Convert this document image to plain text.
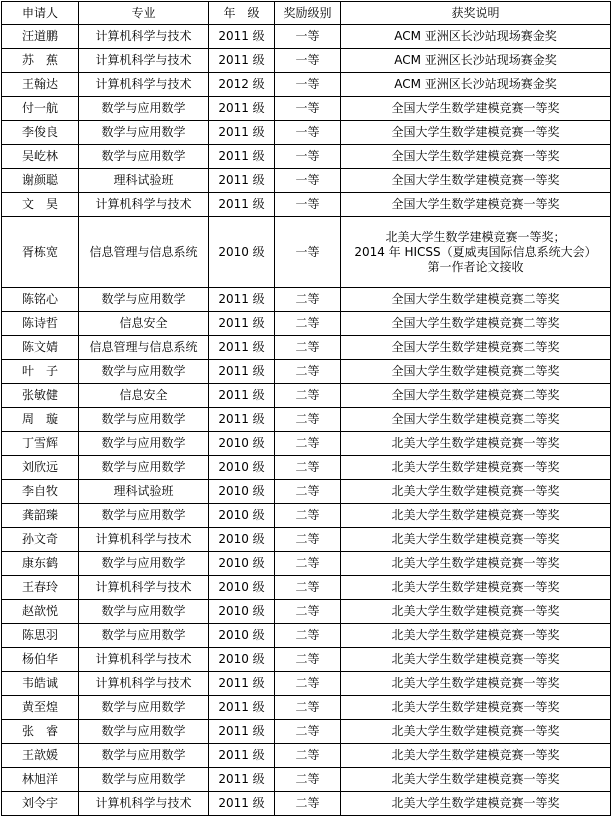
申请人	专业	年　级	奖励级别	获奖说明
汪道鹏	计算机科学与技术	2011 级	一等	ACM 亚洲区长沙站现场赛金奖
苏　蕉	计算机科学与技术	2011 级	一等	ACM 亚洲区长沙站现场赛金奖
王翰达	计算机科学与技术	2012 级	一等	ACM 亚洲区长沙站现场赛金奖
付一航	数学与应用数学	2011 级	一等	全国大学生数学建模竞赛一等奖
李俊良	数学与应用数学	2011 级	一等	全国大学生数学建模竞赛一等奖
吴屹林	数学与应用数学	2011 级	一等	全国大学生数学建模竞赛一等奖
谢颜聪	理科试验班	2011 级	一等	全国大学生数学建模竞赛一等奖
文　昊	计算机科学与技术	2011 级	一等	全国大学生数学建模竞赛一等奖
胥栋宽	信息管理与信息系统	2010 级	一等	北美大学生数学建模竞赛一等奖；
2014 年 HICSS（夏威夷国际信息系统大会）
第一作者论文接收

陈铭心	数学与应用数学	2011 级	二等	全国大学生数学建模竞赛二等奖
陈诗哲	信息安全	2011 级	二等	全国大学生数学建模竞赛二等奖
陈文婧	信息管理与信息系统	2011 级	二等	全国大学生数学建模竞赛二等奖
叶　子	数学与应用数学	2011 级	二等	全国大学生数学建模竞赛二等奖
张敏健	信息安全	2011 级	二等	全国大学生数学建模竞赛二等奖
周　璇	数学与应用数学	2011 级	二等	全国大学生数学建模竞赛二等奖
丁雪辉	数学与应用数学	2010 级	二等	北美大学生数学建模竞赛一等奖
刘欣远	数学与应用数学	2010 级	二等	北美大学生数学建模竞赛一等奖
李自牧	理科试验班	2010 级	二等	北美大学生数学建模竞赛一等奖
龚韶臻	数学与应用数学	2010 级	二等	北美大学生数学建模竞赛一等奖
孙文奇	计算机科学与技术	2010 级	二等	北美大学生数学建模竞赛一等奖
康东鹤	数学与应用数学	2010 级	二等	北美大学生数学建模竞赛一等奖
王春玲	计算机科学与技术	2010 级	二等	北美大学生数学建模竞赛一等奖
赵歆悦	数学与应用数学	2010 级	二等	北美大学生数学建模竞赛一等奖
陈思羽	数学与应用数学	2010 级	二等	北美大学生数学建模竞赛一等奖
杨伯华	计算机科学与技术	2010 级	二等	北美大学生数学建模竞赛一等奖
韦皓诚	计算机科学与技术	2011 级	二等	北美大学生数学建模竞赛一等奖
黄至煌	数学与应用数学	2011 级	二等	北美大学生数学建模竞赛一等奖
张　睿	数学与应用数学	2011 级	二等	北美大学生数学建模竞赛一等奖
王歆媛	数学与应用数学	2011 级	二等	北美大学生数学建模竞赛一等奖
林旭洋	数学与应用数学	2011 级	二等	北美大学生数学建模竞赛一等奖
刘令宇	计算机科学与技术	2011 级	二等	北美大学生数学建模竞赛一等奖
